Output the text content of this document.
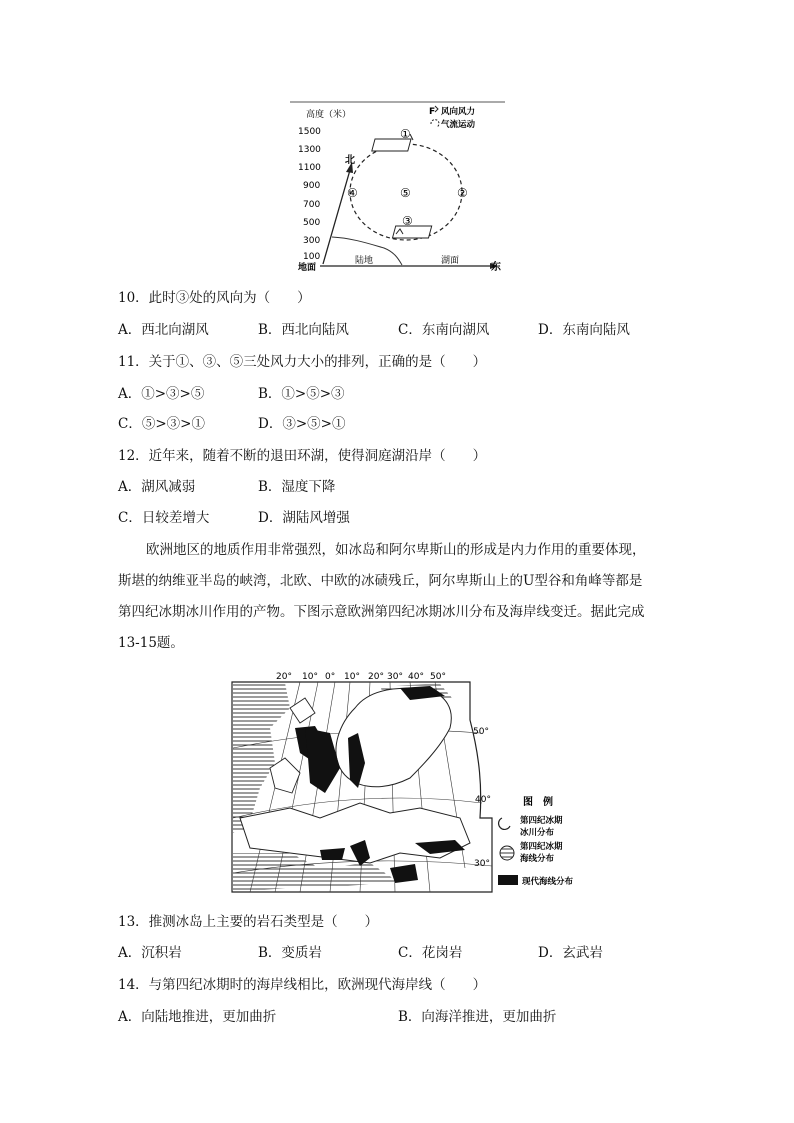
高度（米）
1500
1300
1100
900
700
500
300
100
地面	东
北
陆地	湖面
①
②
③
④	⑤
F 风向风力
气流运动
10．此时③处的风向为（　　）
A．西北向湖风	B．西北向陆风	C．东南向湖风	D．东南向陆风
11．关于①、③、⑤三处风力大小的排列，正确的是（　　）
A．①>③>⑤	B．①>⑤>③
C．⑤>③>①	D．③>⑤>①
12．近年来，随着不断的退田环湖，使得洞庭湖沿岸（　　）
A．湖风减弱	B．湿度下降
C．日较差增大	D．湖陆风增强
欧洲地区的地质作用非常强烈，如冰岛和阿尔卑斯山的形成是内力作用的重要体现，
斯堪的纳维亚半岛的峡湾，北欧、中欧的冰碛残丘，阿尔卑斯山上的U型谷和角峰等都是
第四纪冰期冰川作用的产物。下图示意欧洲第四纪冰期冰川分布及海岸线变迁。据此完成
13-15题。
20° 10° 0° 10° 20° 30° 40° 50°
50°
40°
30°
图　例
第四纪冰期
冰川分布
第四纪冰期
海线分布
现代海线分布
13．推测冰岛上主要的岩石类型是（　　）
A．沉积岩	B．变质岩	C．花岗岩	D．玄武岩
14．与第四纪冰期时的海岸线相比，欧洲现代海岸线（　　）
A．向陆地推进，更加曲折	B．向海洋推进，更加曲折
